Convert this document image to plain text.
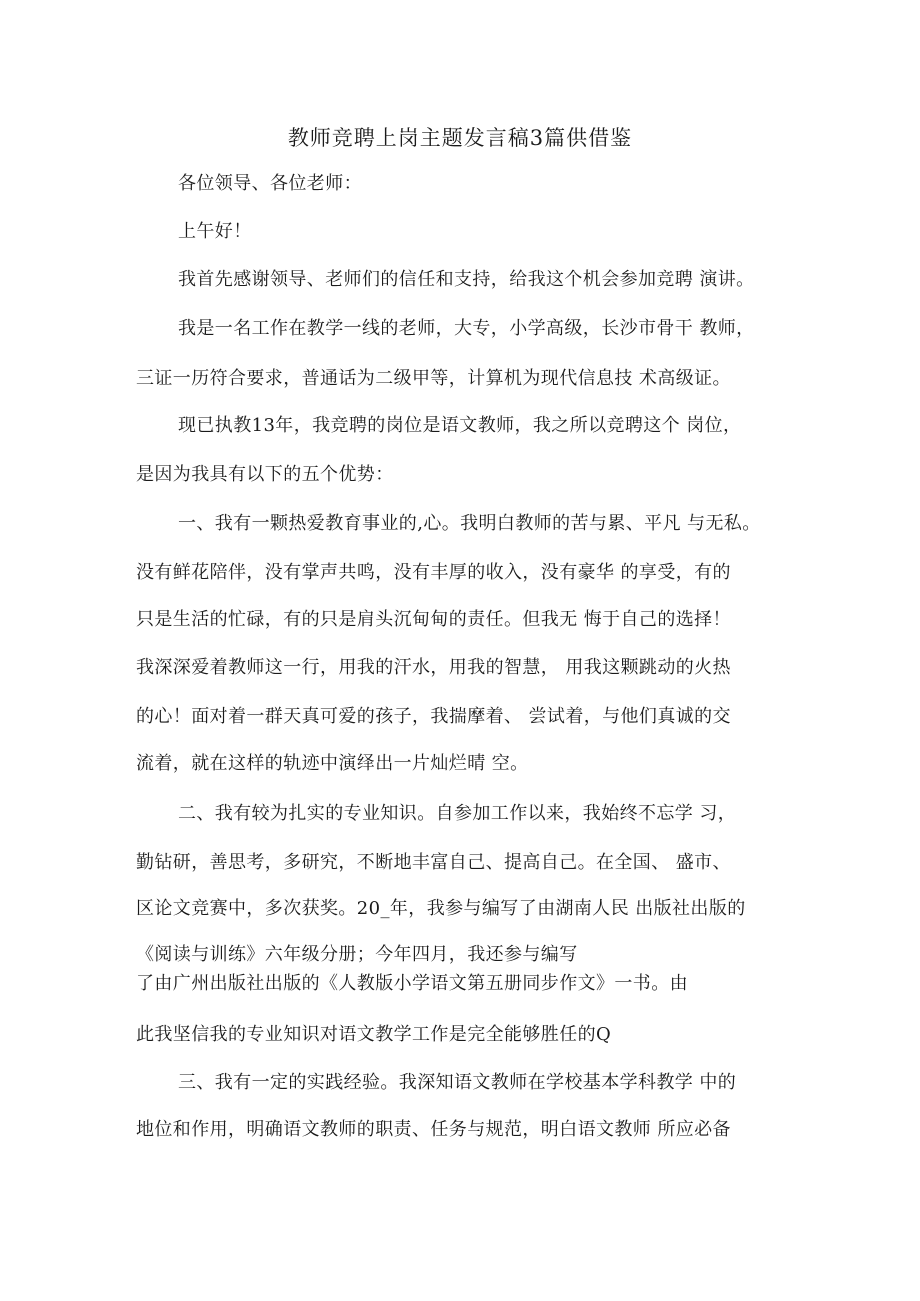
教师竞聘上岗主题发言稿3篇供借鉴
各位领导、各位老师：
上午好！
我首先感谢领导、老师们的信任和支持，给我这个机会参加竞聘 演讲。
我是一名工作在教学一线的老师，大专，小学高级，长沙市骨干 教师，
三证一历符合要求，普通话为二级甲等，计算机为现代信息技 术高级证。
现已执教13年，我竞聘的岗位是语文教师，我之所以竞聘这个 岗位，
是因为我具有以下的五个优势：
一、我有一颗热爱教育事业的,心。我明白教师的苦与累、平凡 与无私。
没有鲜花陪伴，没有掌声共鸣，没有丰厚的收入，没有豪华 的享受，有的
只是生活的忙碌，有的只是肩头沉甸甸的责任。但我无 悔于自己的选择！
我深深爱着教师这一行，用我的汗水，用我的智慧， 用我这颗跳动的火热
的心！面对着一群天真可爱的孩子，我揣摩着、 尝试着，与他们真诚的交
流着，就在这样的轨迹中演绎出一片灿烂晴 空。
二、我有较为扎实的专业知识。自参加工作以来，我始终不忘学 习，
勤钻研，善思考，多研究，不断地丰富自己、提高自己。在全国、 盛市、
区论文竞赛中，多次获奖。20_年，我参与编写了由湖南人民 出版社出版的
《阅读与训练》六年级分册；今年四月，我还参与编写
了由广州出版社出版的《人教版小学语文第五册同步作文》一书。由
此我坚信我的专业知识对语文教学工作是完全能够胜任的Q
三、我有一定的实践经验。我深知语文教师在学校基本学科教学 中的
地位和作用，明确语文教师的职责、任务与规范，明白语文教师 所应必备
